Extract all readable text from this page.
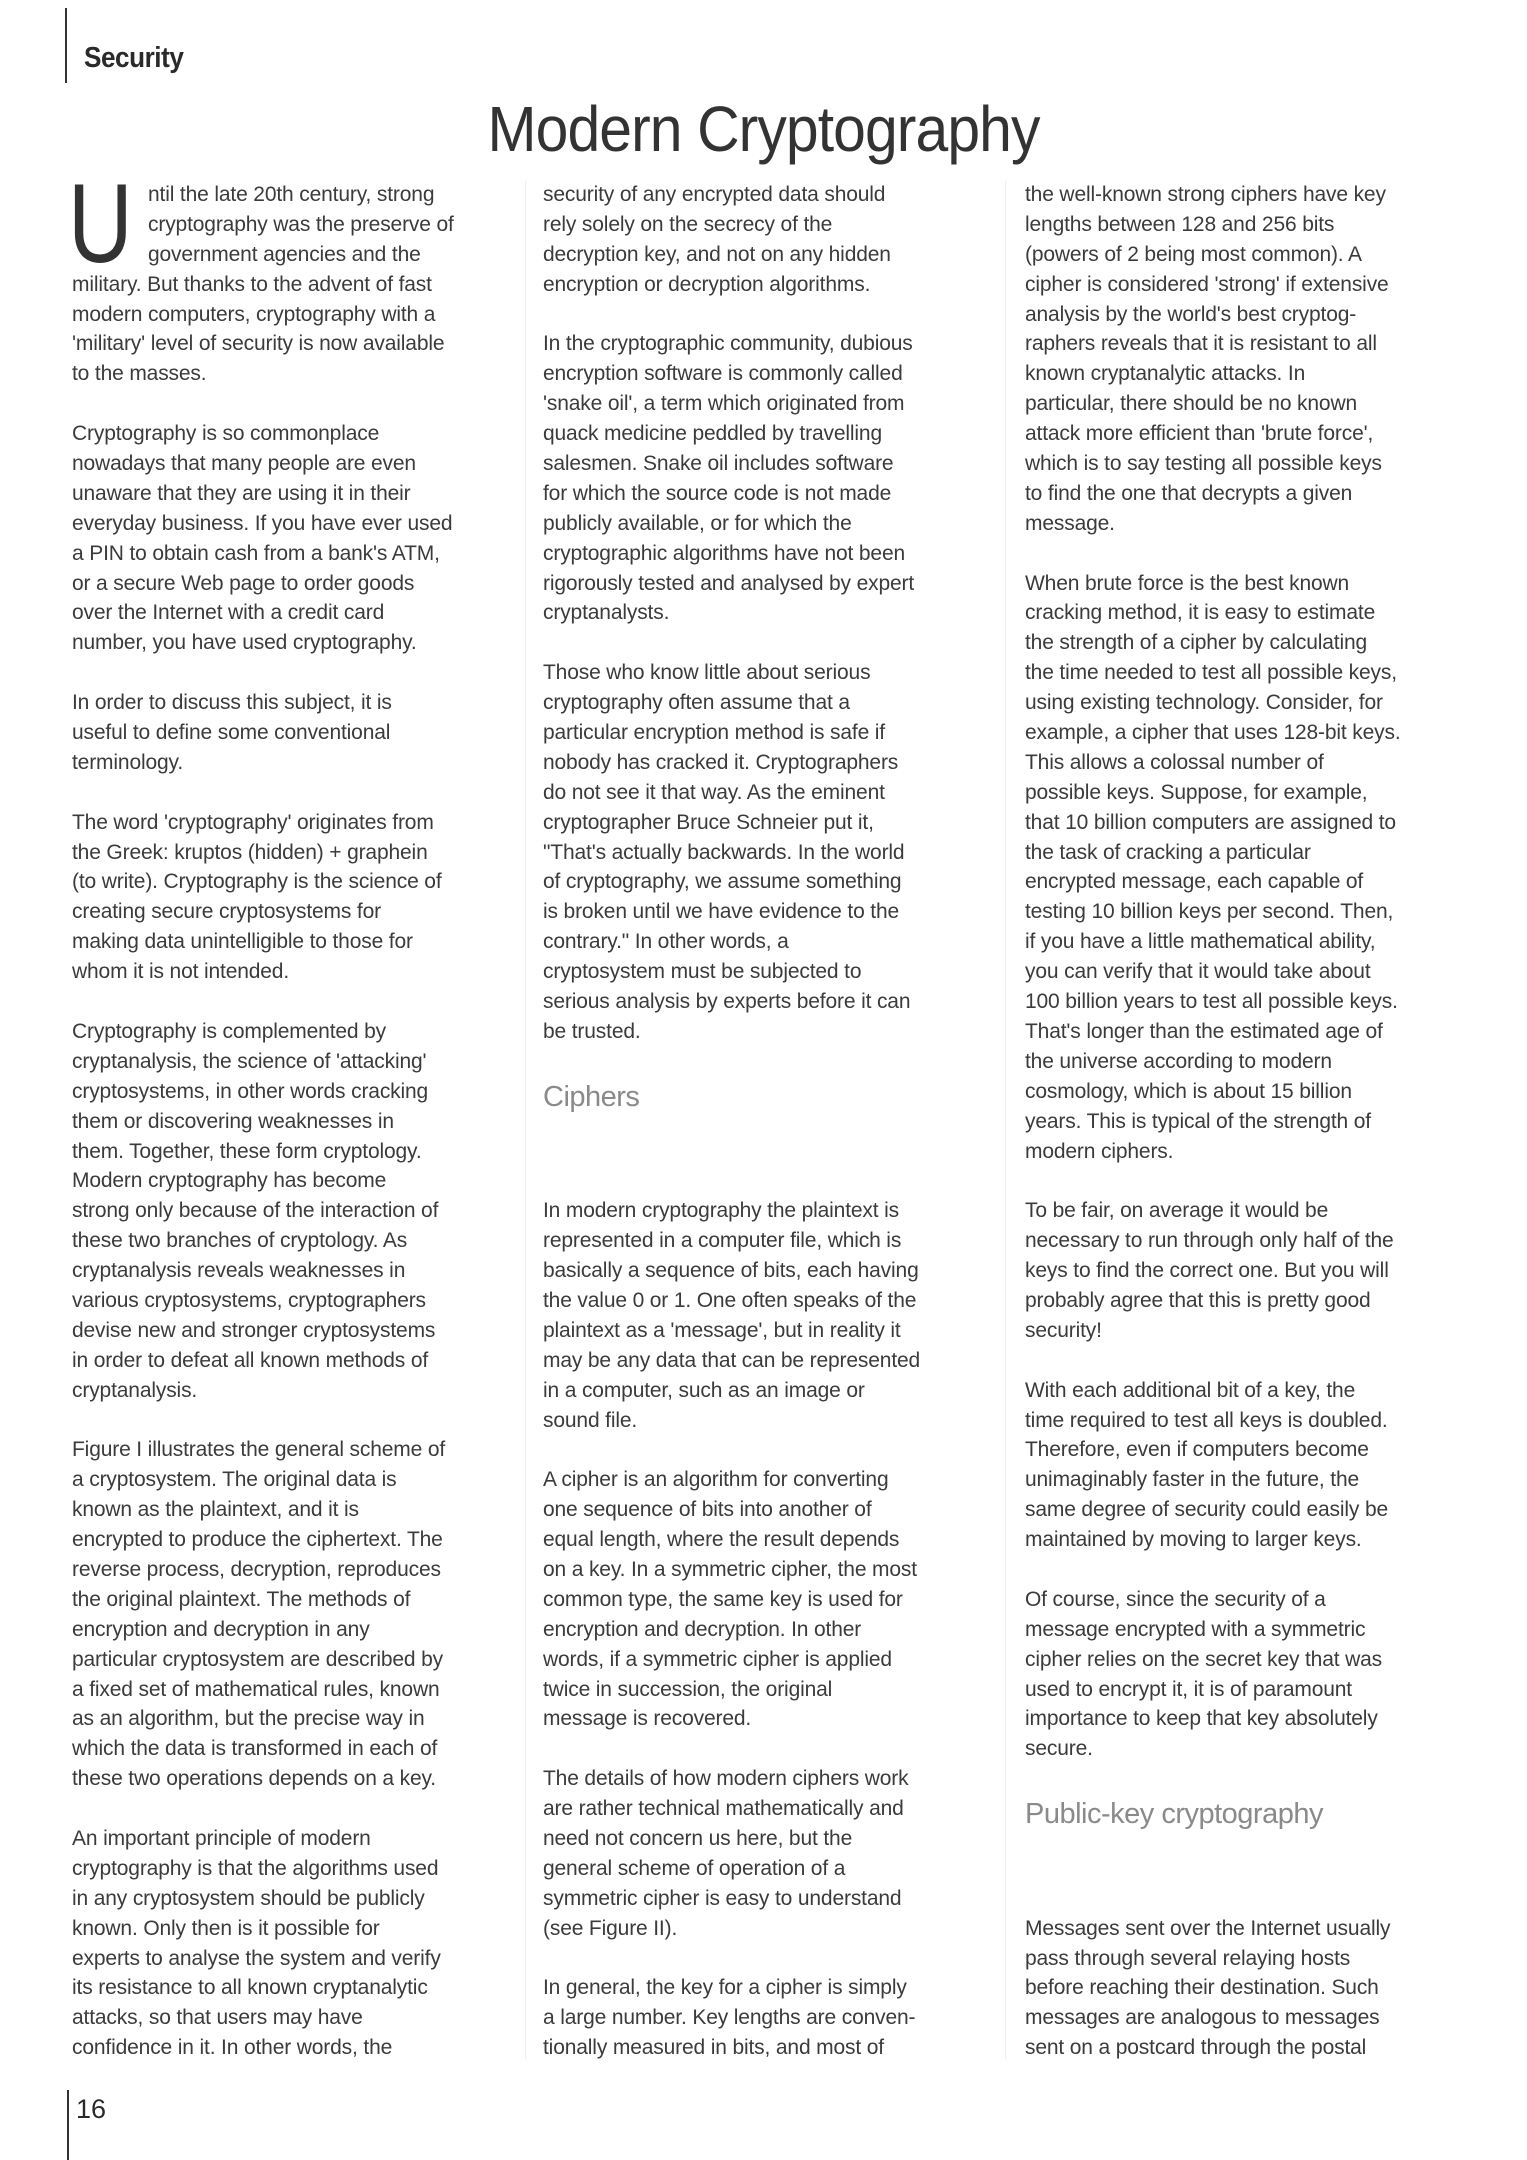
Security
Modern Cryptography
U ntil the late 20th century, strong
cryptography was the preserve of
government agencies and the
military. But thanks to the advent of fast
modern computers, cryptography with a
'military' level of security is now available
to the masses.
Cryptography is so commonplace
nowadays that many people are even
unaware that they are using it in their
everyday business. If you have ever used
a PIN to obtain cash from a bank's ATM,
or a secure Web page to order goods
over the Internet with a credit card
number, you have used cryptography.
In order to discuss this subject, it is
useful to define some conventional
terminology.
The word 'cryptography' originates from
the Greek: kruptos (hidden) + graphein
(to write). Cryptography is the science of
creating secure cryptosystems for
making data unintelligible to those for
whom it is not intended.
Cryptography is complemented by
cryptanalysis, the science of 'attacking'
cryptosystems, in other words cracking
them or discovering weaknesses in
them. Together, these form cryptology.
Modern cryptography has become
strong only because of the interaction of
these two branches of cryptology. As
cryptanalysis reveals weaknesses in
various cryptosystems, cryptographers
devise new and stronger cryptosystems
in order to defeat all known methods of
cryptanalysis.
Figure I illustrates the general scheme of
a cryptosystem. The original data is
known as the plaintext, and it is
encrypted to produce the ciphertext. The
reverse process, decryption, reproduces
the original plaintext. The methods of
encryption and decryption in any
particular cryptosystem are described by
a fixed set of mathematical rules, known
as an algorithm, but the precise way in
which the data is transformed in each of
these two operations depends on a key.
An important principle of modern
cryptography is that the algorithms used
in any cryptosystem should be publicly
known. Only then is it possible for
experts to analyse the system and verify
its resistance to all known cryptanalytic
attacks, so that users may have
confidence in it. In other words, the
security of any encrypted data should
rely solely on the secrecy of the
decryption key, and not on any hidden
encryption or decryption algorithms.
In the cryptographic community, dubious
encryption software is commonly called
'snake oil', a term which originated from
quack medicine peddled by travelling
salesmen. Snake oil includes software
for which the source code is not made
publicly available, or for which the
cryptographic algorithms have not been
rigorously tested and analysed by expert
cryptanalysts.
Those who know little about serious
cryptography often assume that a
particular encryption method is safe if
nobody has cracked it. Cryptographers
do not see it that way. As the eminent
cryptographer Bruce Schneier put it,
"That's actually backwards. In the world
of cryptography, we assume something
is broken until we have evidence to the
contrary." In other words, a
cryptosystem must be subjected to
serious analysis by experts before it can
be trusted.
Ciphers
In modern cryptography the plaintext is
represented in a computer file, which is
basically a sequence of bits, each having
the value 0 or 1. One often speaks of the
plaintext as a 'message', but in reality it
may be any data that can be represented
in a computer, such as an image or
sound file.
A cipher is an algorithm for converting
one sequence of bits into another of
equal length, where the result depends
on a key. In a symmetric cipher, the most
common type, the same key is used for
encryption and decryption. In other
words, if a symmetric cipher is applied
twice in succession, the original
message is recovered.
The details of how modern ciphers work
are rather technical mathematically and
need not concern us here, but the
general scheme of operation of a
symmetric cipher is easy to understand
(see Figure II).
In general, the key for a cipher is simply
a large number. Key lengths are conven-
tionally measured in bits, and most of
the well-known strong ciphers have key
lengths between 128 and 256 bits
(powers of 2 being most common). A
cipher is considered 'strong' if extensive
analysis by the world's best cryptog-
raphers reveals that it is resistant to all
known cryptanalytic attacks. In
particular, there should be no known
attack more efficient than 'brute force',
which is to say testing all possible keys
to find the one that decrypts a given
message.
When brute force is the best known
cracking method, it is easy to estimate
the strength of a cipher by calculating
the time needed to test all possible keys,
using existing technology. Consider, for
example, a cipher that uses 128-bit keys.
This allows a colossal number of
possible keys. Suppose, for example,
that 10 billion computers are assigned to
the task of cracking a particular
encrypted message, each capable of
testing 10 billion keys per second. Then,
if you have a little mathematical ability,
you can verify that it would take about
100 billion years to test all possible keys.
That's longer than the estimated age of
the universe according to modern
cosmology, which is about 15 billion
years. This is typical of the strength of
modern ciphers.
To be fair, on average it would be
necessary to run through only half of the
keys to find the correct one. But you will
probably agree that this is pretty good
security!
With each additional bit of a key, the
time required to test all keys is doubled.
Therefore, even if computers become
unimaginably faster in the future, the
same degree of security could easily be
maintained by moving to larger keys.
Of course, since the security of a
message encrypted with a symmetric
cipher relies on the secret key that was
used to encrypt it, it is of paramount
importance to keep that key absolutely
secure.
Public-key cryptography
Messages sent over the Internet usually
pass through several relaying hosts
before reaching their destination. Such
messages are analogous to messages
sent on a postcard through the postal
16
